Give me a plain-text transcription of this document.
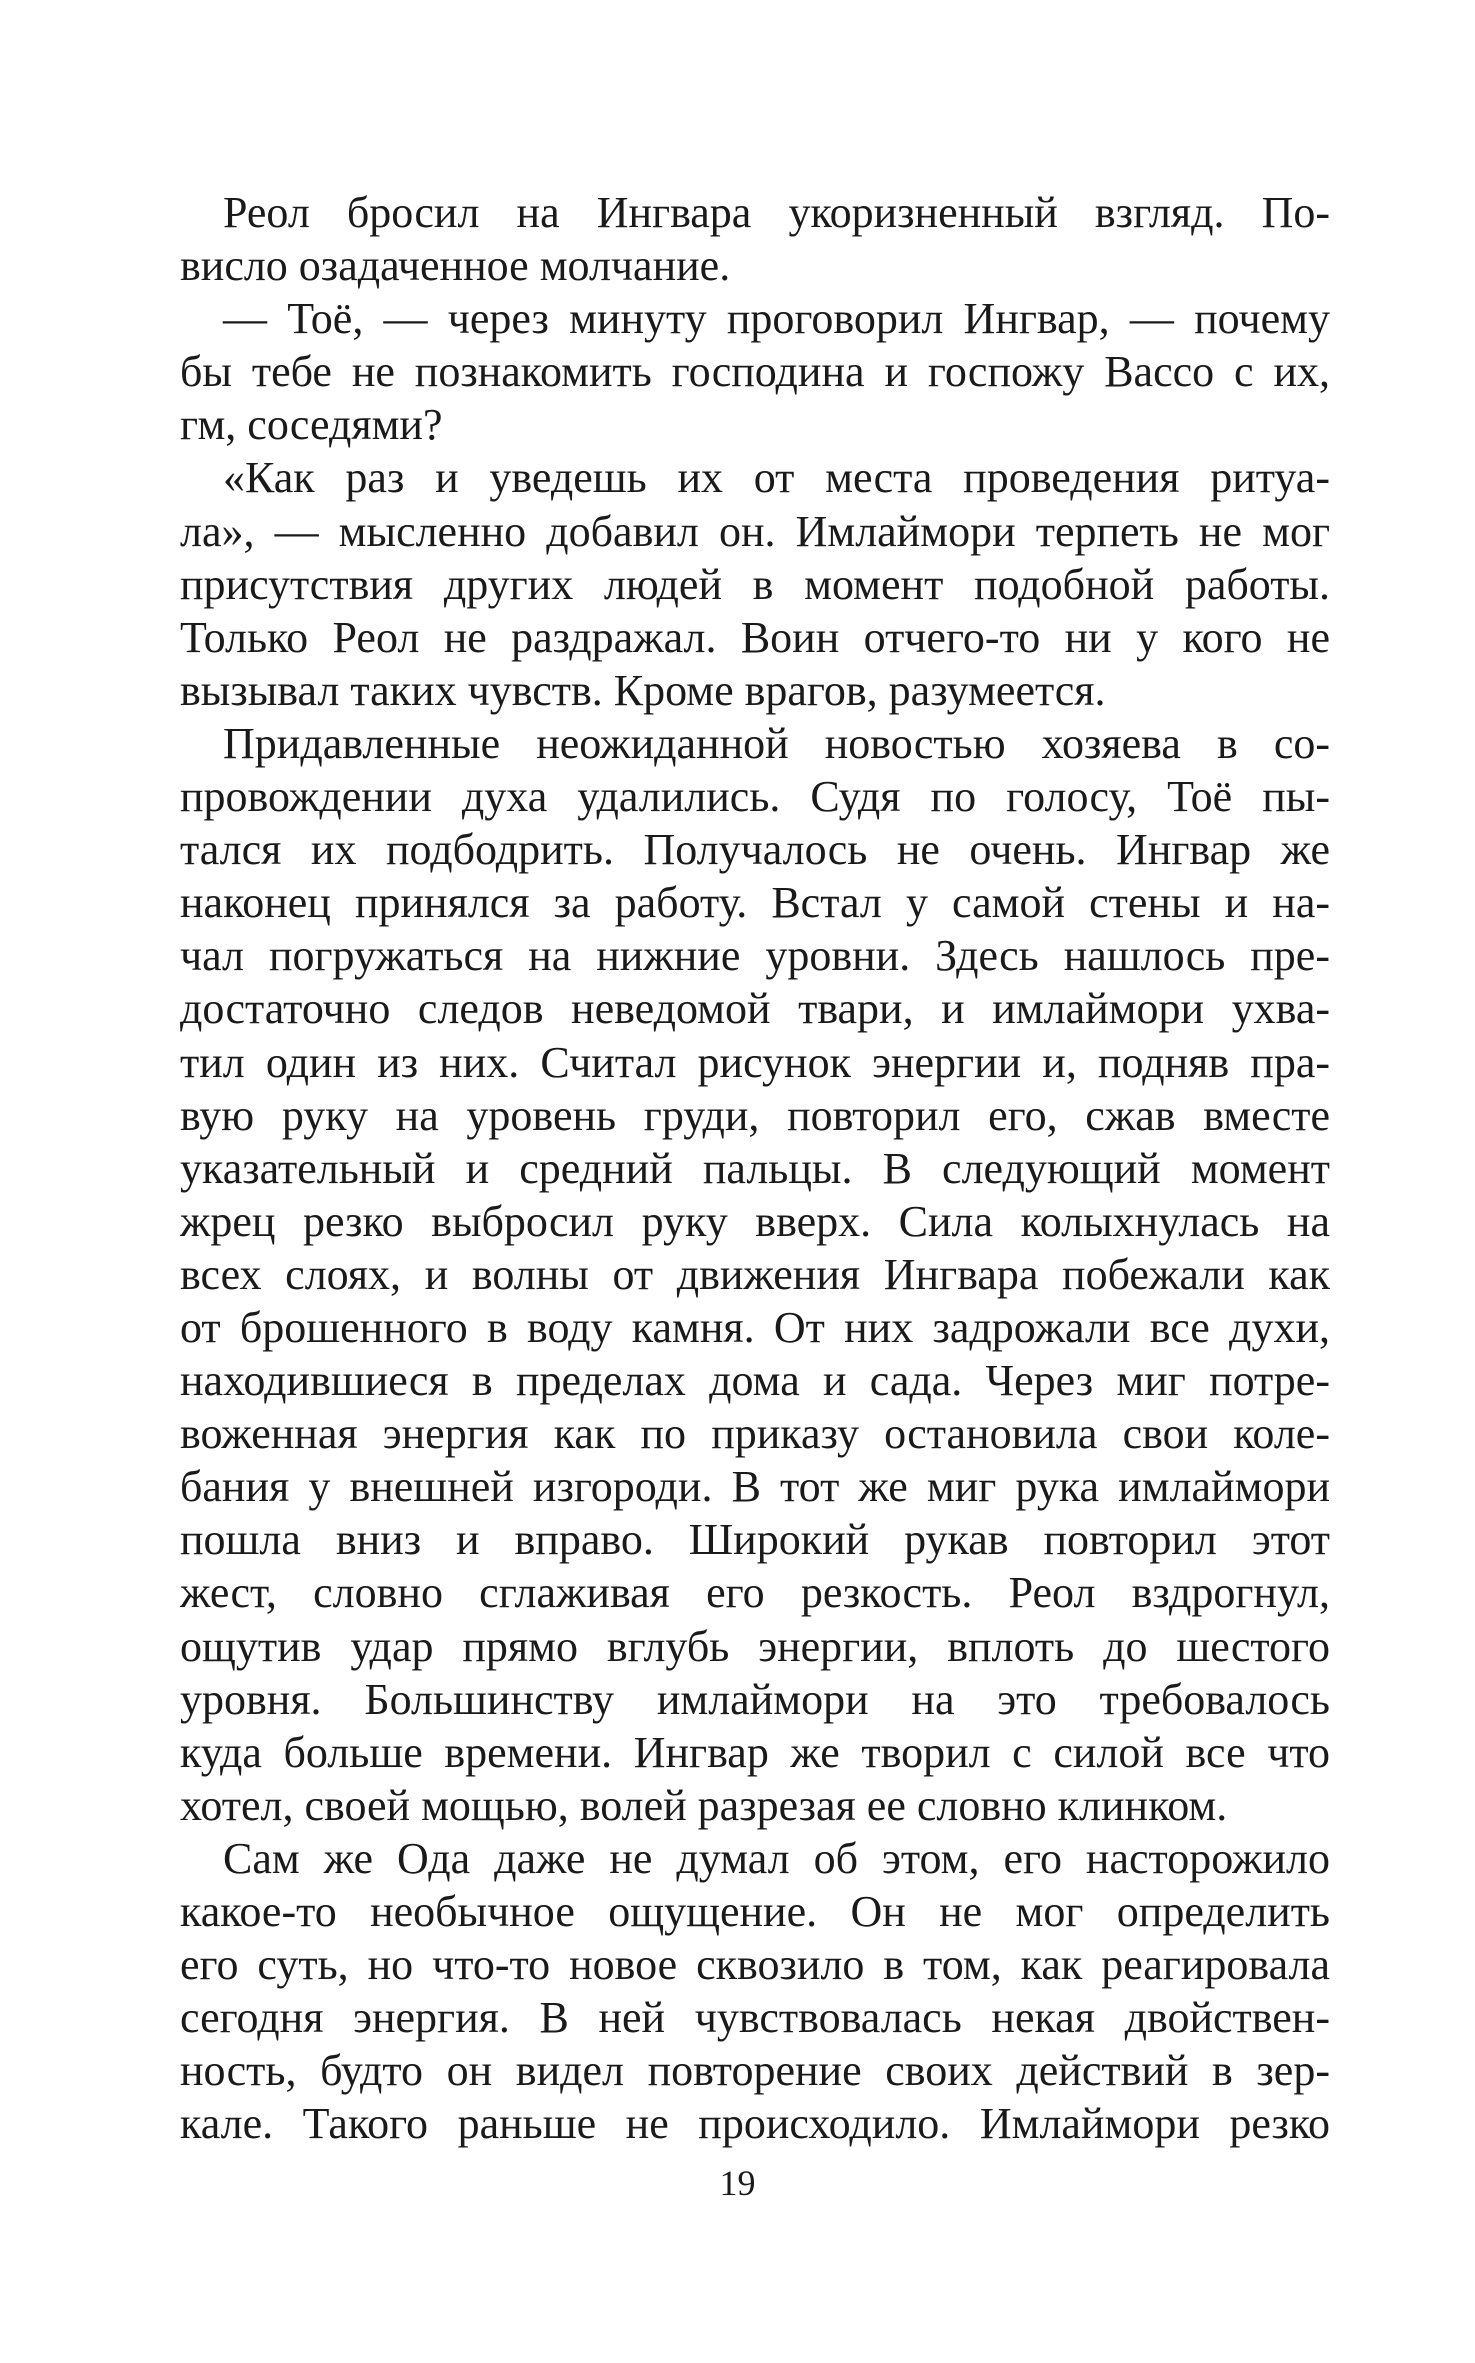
Реол бросил на Ингвара укоризненный взгляд. По-
висло озадаченное молчание.
— Тоё, — через минуту проговорил Ингвар, — почему
бы тебе не познакомить господина и госпожу Вассо с их,
гм, соседями?
«Как раз и уведешь их от места проведения ритуа-
ла», — мысленно добавил он. Имлаймори терпеть не мог
присутствия других людей в момент подобной работы.
Только Реол не раздражал. Воин отчего-то ни у кого не
вызывал таких чувств. Кроме врагов, разумеется.
Придавленные неожиданной новостью хозяева в со-
провождении духа удалились. Судя по голосу, Тоё пы-
тался их подбодрить. Получалось не очень. Ингвар же
наконец принялся за работу. Встал у самой стены и на-
чал погружаться на нижние уровни. Здесь нашлось пре-
достаточно следов неведомой твари, и имлаймори ухва-
тил один из них. Считал рисунок энергии и, подняв пра-
вую руку на уровень груди, повторил его, сжав вместе
указательный и средний пальцы. В следующий момент
жрец резко выбросил руку вверх. Сила колыхнулась на
всех слоях, и волны от движения Ингвара побежали как
от брошенного в воду камня. От них задрожали все духи,
находившиеся в пределах дома и сада. Через миг потре-
воженная энергия как по приказу остановила свои коле-
бания у внешней изгороди. В тот же миг рука имлаймори
пошла вниз и вправо. Широкий рукав повторил этот
жест, словно сглаживая его резкость. Реол вздрогнул,
ощутив удар прямо вглубь энергии, вплоть до шестого
уровня. Большинству имлаймори на это требовалось
куда больше времени. Ингвар же творил с силой все что
хотел, своей мощью, волей разрезая ее словно клинком.
Сам же Ода даже не думал об этом, его насторожило
какое-то необычное ощущение. Он не мог определить
его суть, но что-то новое сквозило в том, как реагировала
сегодня энергия. В ней чувствовалась некая двойствен-
ность, будто он видел повторение своих действий в зер-
кале. Такого раньше не происходило. Имлаймори резко
19
